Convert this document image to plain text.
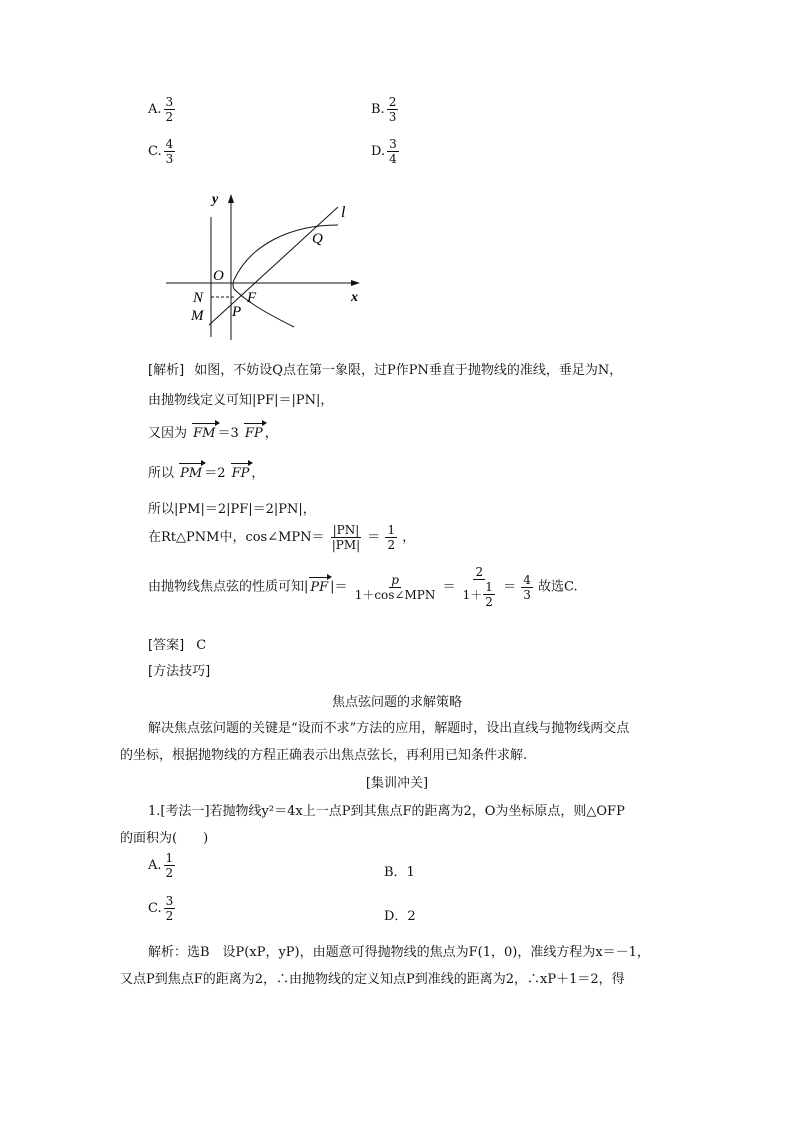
A. $\frac{3}{2}$	B. $\frac{2}{3}$
C. $\frac{4}{3}$	D. $\frac{3}{4}$
y
x
l
Q
O
N	F
M P
[解析] 如图，不妨设Q点在第一象限，过P作PN垂直于抛物线的准线，垂足为N，
由抛物线定义可知|PF|＝|PN|，
又因为 FM ＝3 FP ，
所以 PM ＝2 FP ，
所以|PM|＝2|PF|＝2|PN|，
在Rt△PNM中，cos∠MPN＝ $\frac{|PN|}{|PM|} = \frac{1}{2}$ ，
由抛物线焦点弦的性质可知| PF |＝ $\frac{p}{\text{1＋cos∠MPN}} = \frac{2}{1+ \frac{1}{2}} = \frac{4}{3}$ 故选C.
[答案] C
[方法技巧]
焦点弦问题的求解策略
解决焦点弦问题的关键是“设而不求”方法的应用，解题时，设出直线与抛物线两交点
的坐标，根据抛物线的方程正确表示出焦点弦长，再利用已知条件求解.
[集训冲关]
1.[考法一]若抛物线y²＝4x上一点P到其焦点F的距离为2，O为坐标原点，则△OFP
的面积为(　　)
A. $\frac{1}{2}$	B．1
C. $\frac{3}{2}$	D．2
解析：选B　设P(xP，yP)，由题意可得抛物线的焦点为F(1，0)，准线方程为x＝－1，
又点P到焦点F的距离为2，∴由抛物线的定义知点P到准线的距离为2，∴xP＋1＝2，得
